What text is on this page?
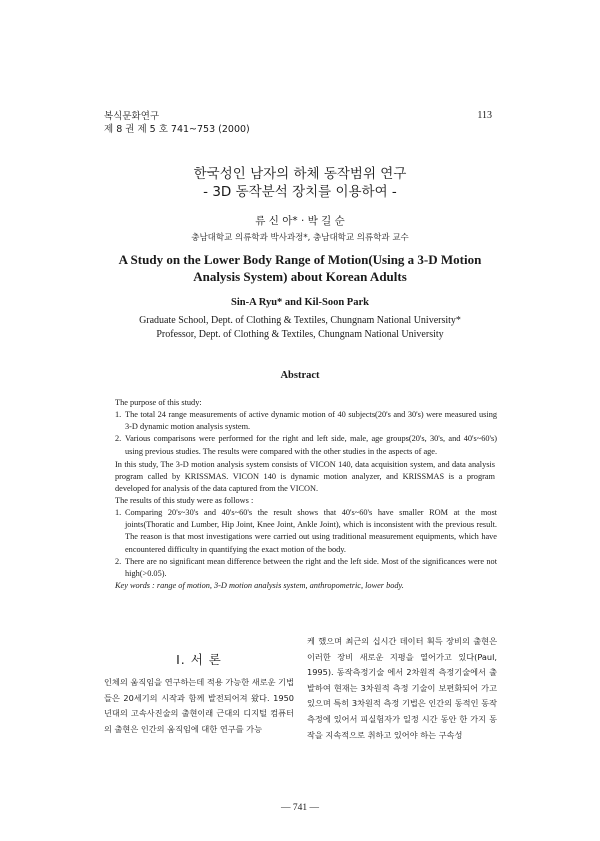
복식문화연구
제 8 권 제 5 호 741~753 (2000)
113
한국성인 남자의 하체 동작범위 연구
- 3D 동작분석 장치를 이용하여 -
류 신 아* · 박 길 순
충남대학교 의류학과 박사과정*, 충남대학교 의류학과 교수
A Study on the Lower Body Range of Motion(Using a 3-D Motion
Analysis System) about Korean Adults
Sin-A Ryu* and Kil-Soon Park
Graduate School, Dept. of Clothing & Textiles, Chungnam National University*
Professor, Dept. of Clothing & Textiles, Chungnam National University
Abstract
The purpose of this study:
1. The total 24 range measurements of active dynamic motion of 40 subjects(20's and 30's) were measured using 3-D dynamic motion analysis system.
2. Various comparisons were performed for the right and left side, male, age groups(20's, 30's, and 40's~60's) using previous studies. The results were compared with the other studies in the aspects of age.
In this study, The 3-D motion analysis system consists of VICON 140, data acquisition system, and data analysis program called by KRISSMAS. VICON 140 is dynamic motion analyzer, and KRISSMAS is a program developed for analysis of the data captured from the VICON.
The results of this study were as follows :
1. Comparing 20's~30's and 40's~60's the result shows that 40's~60's have smaller ROM at the most joints(Thoratic and Lumber, Hip Joint, Knee Joint, Ankle Joint), which is inconsistent with the previous result. The reason is that most investigations were carried out using traditional measurement equipments, which have encountered difficulty in quantifying the exact motion of the body.
2. There are no significant mean difference between the right and the left side. Most of the significances were not high(>0.05).
Key words : range of motion, 3-D motion analysis system, anthropometric, lower body.
Ⅰ. 서 론
인체의 움직임을 연구하는데 적용 가능한 새로운 기법들은 20세기의 시작과 함께 발전되어져 왔다. 1950년대의 고속사진술의 출현이래 근대의 디지털 컴퓨터의 출현은 인간의 움직임에 대한 연구를 가능
케 했으며 최근의 십시간 데이터 획득 장비의 출현은 이러한 장비 새로운 지평을 열어가고 있다(Paul, 1995). 동작측정기술 에서 2차원적 측정기술에서 출발하여 현재는 3차원적 측정 기술이 보편화되어 가고 있으며 특히 3차원적 측정 기법은 인간의 동적인 동작 측정에 있어서 피실험자가 일정 시간 동안 한 가지 동작을 지속적으로 취하고 있어야 하는 구속성
— 741 —
